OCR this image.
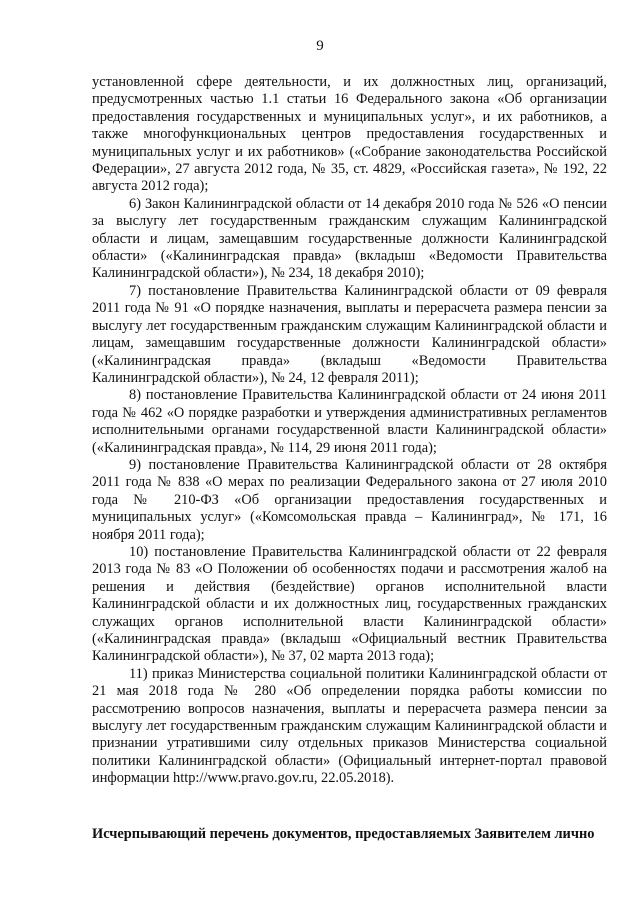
9

установленной сфере деятельности, и их должностных лиц, организаций, предусмотренных частью 1.1 статьи 16 Федерального закона «Об организации предоставления государственных и муниципальных услуг», и их работников, а также многофункциональных центров предоставления государственных и муниципальных услуг и их работников» («Собрание законодательства Российской Федерации», 27 августа 2012 года, № 35, ст. 4829, «Российская газета», № 192, 22 августа 2012 года);

6) Закон Калининградской области от 14 декабря 2010 года № 526 «О пенсии за выслугу лет государственным гражданским служащим Калининградской области и лицам, замещавшим государственные должности Калининградской области» («Калининградская правда» (вкладыш «Ведомости Правительства Калининградской области»), № 234, 18 декабря 2010);

7) постановление Правительства Калининградской области от 09 февраля 2011 года № 91 «О порядке назначения, выплаты и перерасчета размера пенсии за выслугу лет государственным гражданским служащим Калининградской области и лицам, замещавшим государственные должности Калининградской области» («Калининградская правда» (вкладыш «Ведомости Правительства Калининградской области»), № 24, 12 февраля 2011);

8) постановление Правительства Калининградской области от 24 июня 2011 года № 462 «О порядке разработки и утверждения административных регламентов исполнительными органами государственной власти Калининградской области» («Калининградская правда», № 114, 29 июня 2011 года);

9) постановление Правительства Калининградской области от 28 октября 2011 года № 838 «О мерах по реализации Федерального закона от 27 июля 2010 года № 210-ФЗ «Об организации предоставления государственных и муниципальных услуг» («Комсомольская правда – Калининград», № 171, 16 ноября 2011 года);

10) постановление Правительства Калининградской области от 22 февраля 2013 года № 83 «О Положении об особенностях подачи и рассмотрения жалоб на решения и действия (бездействие) органов исполнительной власти Калининградской области и их должностных лиц, государственных гражданских служащих органов исполнительной власти Калининградской области» («Калининградская правда» (вкладыш «Официальный вестник Правительства Калининградской области»), № 37, 02 марта 2013 года);

11) приказ Министерства социальной политики Калининградской области от 21 мая 2018 года № 280 «Об определении порядка работы комиссии по рассмотрению вопросов назначения, выплаты и перерасчета размера пенсии за выслугу лет государственным гражданским служащим Калининградской области и признании утратившими силу отдельных приказов Министерства социальной политики Калининградской области» (Официальный интернет-портал правовой информации http://www.pravo.gov.ru, 22.05.2018).

Исчерпывающий перечень документов, предоставляемых Заявителем лично
